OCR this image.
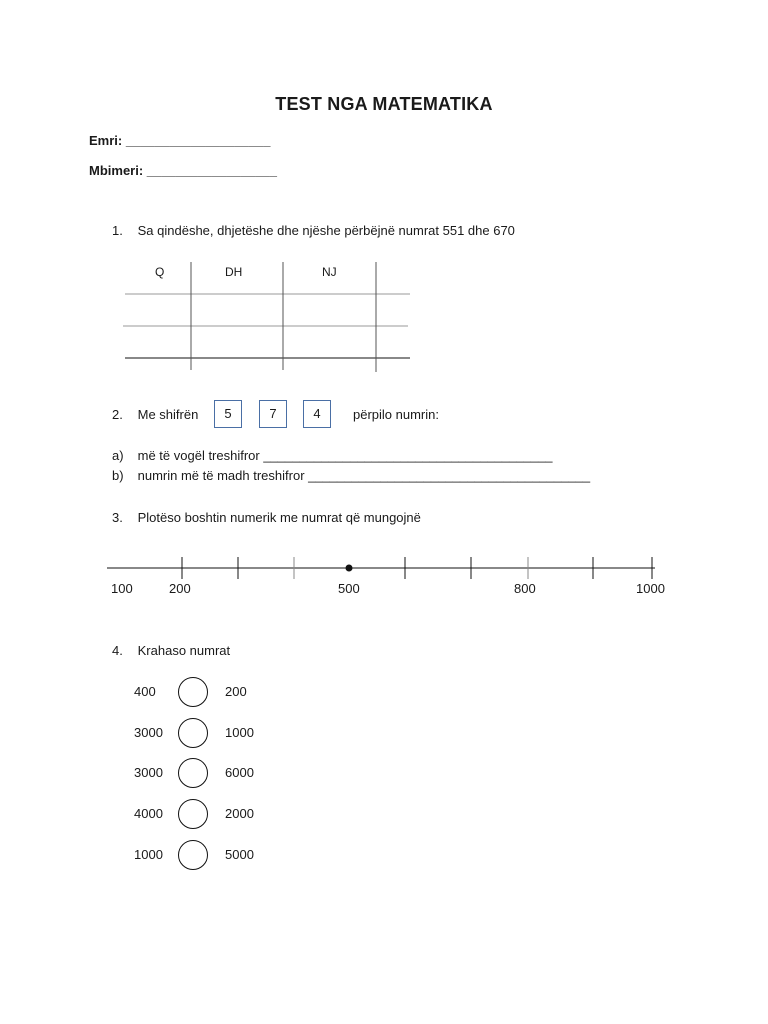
TEST NGA MATEMATIKA
Emri: ____________________
Mbimeri: __________________
1. Sa qindëshe, dhjetëshe dhe njëshe përbëjnë numrat 551 dhe 670
Q	DH	NJ
2. Me shifrën	5	7	4	përpilo numrin:
a) më të vogël treshifror ________________________________________
b) numrin më të madh treshifror _______________________________________
3. Plotëso boshtin numerik me numrat që mungojnë
100	200	500	800	1000
4. Krahaso numrat
400	200
3000	1000
3000	6000
4000	2000
1000	5000
